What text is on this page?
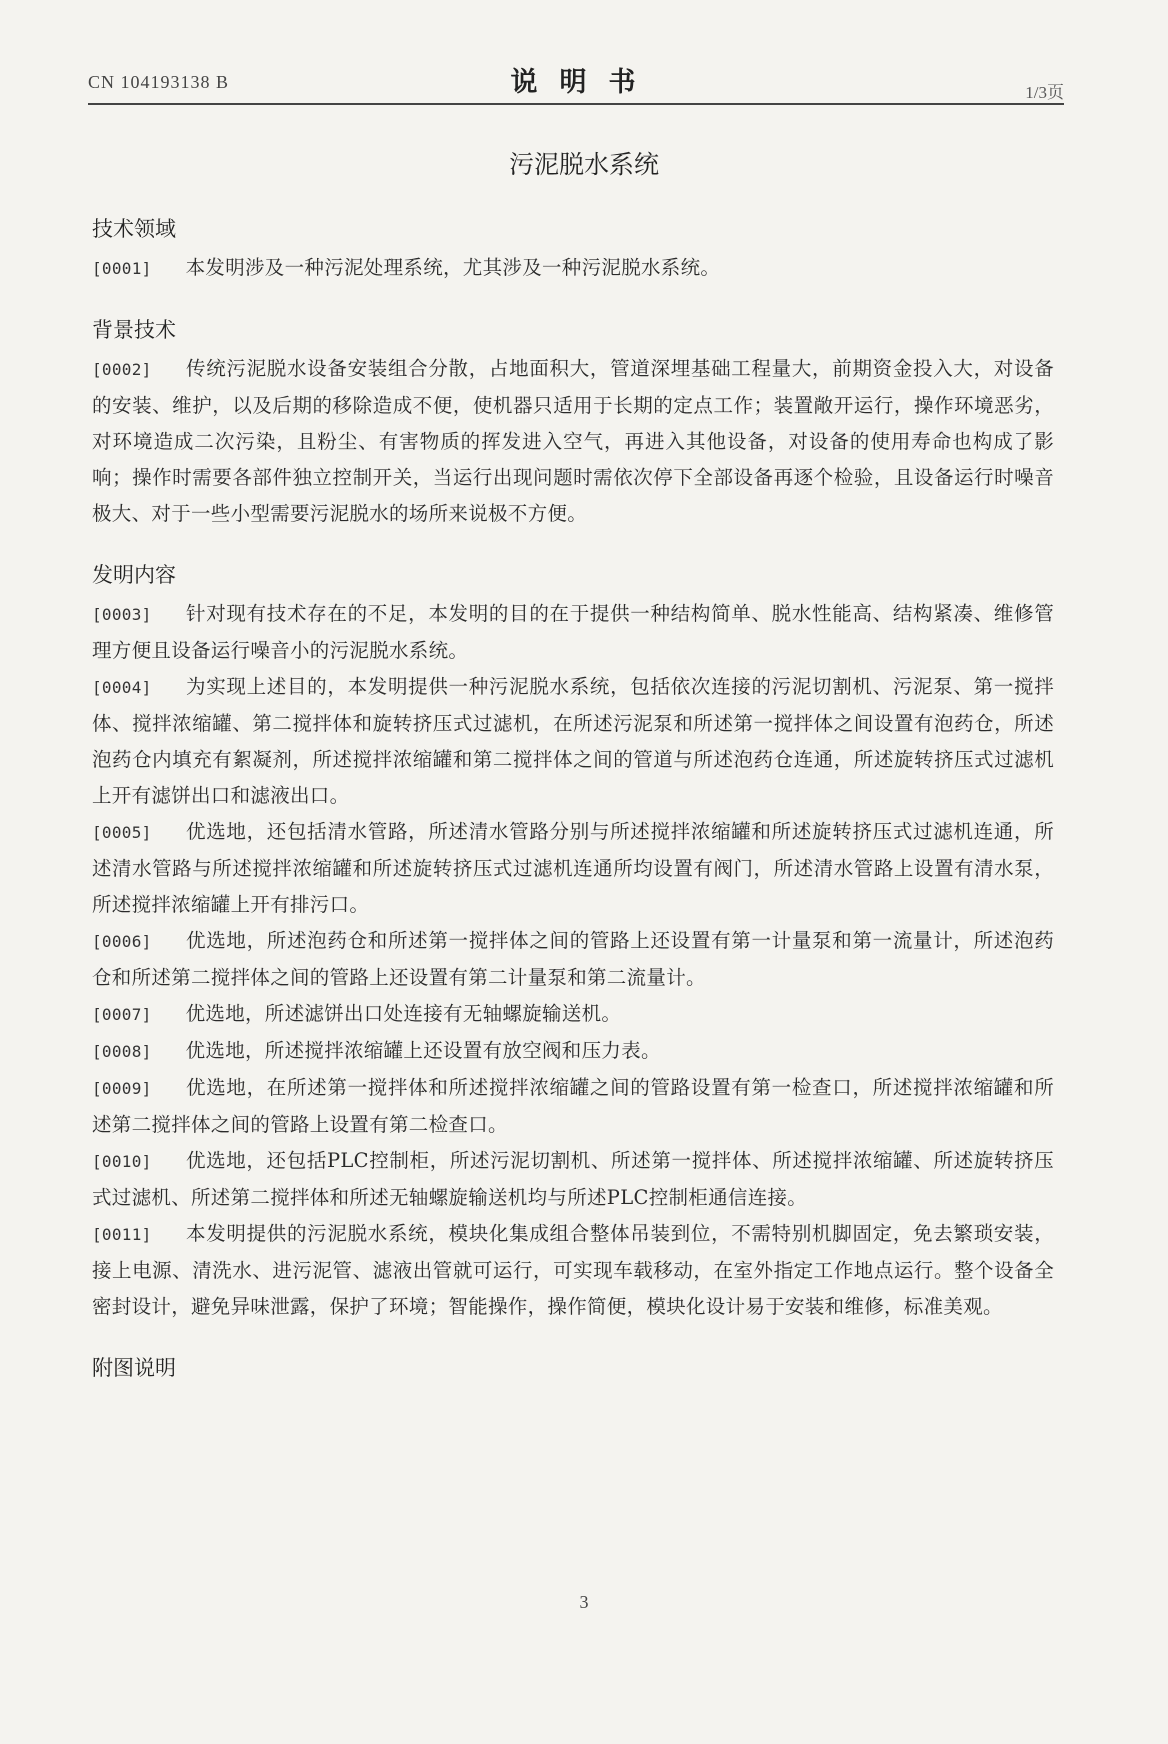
CN 104193138 B	说明书	1/3页
污泥脱水系统
技术领域

[0001] 本发明涉及一种污泥处理系统，尤其涉及一种污泥脱水系统。

背景技术

[0002] 传统污泥脱水设备安装组合分散，占地面积大，管道深埋基础工程量大，前期资金投入大，对设备的安装、维护，以及后期的移除造成不便，使机器只适用于长期的定点工作；装置敞开运行，操作环境恶劣，对环境造成二次污染，且粉尘、有害物质的挥发进入空气，再进入其他设备，对设备的使用寿命也构成了影响；操作时需要各部件独立控制开关，当运行出现问题时需依次停下全部设备再逐个检验，且设备运行时噪音极大、对于一些小型需要污泥脱水的场所来说极不方便。

发明内容

[0003] 针对现有技术存在的不足，本发明的目的在于提供一种结构简单、脱水性能高、结构紧凑、维修管理方便且设备运行噪音小的污泥脱水系统。

[0004] 为实现上述目的，本发明提供一种污泥脱水系统，包括依次连接的污泥切割机、污泥泵、第一搅拌体、搅拌浓缩罐、第二搅拌体和旋转挤压式过滤机，在所述污泥泵和所述第一搅拌体之间设置有泡药仓，所述泡药仓内填充有絮凝剂，所述搅拌浓缩罐和第二搅拌体之间的管道与所述泡药仓连通，所述旋转挤压式过滤机上开有滤饼出口和滤液出口。

[0005] 优选地，还包括清水管路，所述清水管路分别与所述搅拌浓缩罐和所述旋转挤压式过滤机连通，所述清水管路与所述搅拌浓缩罐和所述旋转挤压式过滤机连通所均设置有阀门，所述清水管路上设置有清水泵，所述搅拌浓缩罐上开有排污口。

[0006] 优选地，所述泡药仓和所述第一搅拌体之间的管路上还设置有第一计量泵和第一流量计，所述泡药仓和所述第二搅拌体之间的管路上还设置有第二计量泵和第二流量计。

[0007] 优选地，所述滤饼出口处连接有无轴螺旋输送机。

[0008] 优选地，所述搅拌浓缩罐上还设置有放空阀和压力表。

[0009] 优选地，在所述第一搅拌体和所述搅拌浓缩罐之间的管路设置有第一检查口，所述搅拌浓缩罐和所述第二搅拌体之间的管路上设置有第二检查口。

[0010] 优选地，还包括PLC控制柜，所述污泥切割机、所述第一搅拌体、所述搅拌浓缩罐、所述旋转挤压式过滤机、所述第二搅拌体和所述无轴螺旋输送机均与所述PLC控制柜通信连接。

[0011] 本发明提供的污泥脱水系统，模块化集成组合整体吊装到位，不需特别机脚固定，免去繁琐安装，接上电源、清洗水、进污泥管、滤液出管就可运行，可实现车载移动，在室外指定工作地点运行。整个设备全密封设计，避免异味泄露，保护了环境；智能操作，操作简便，模块化设计易于安装和维修，标准美观。

附图说明
3
